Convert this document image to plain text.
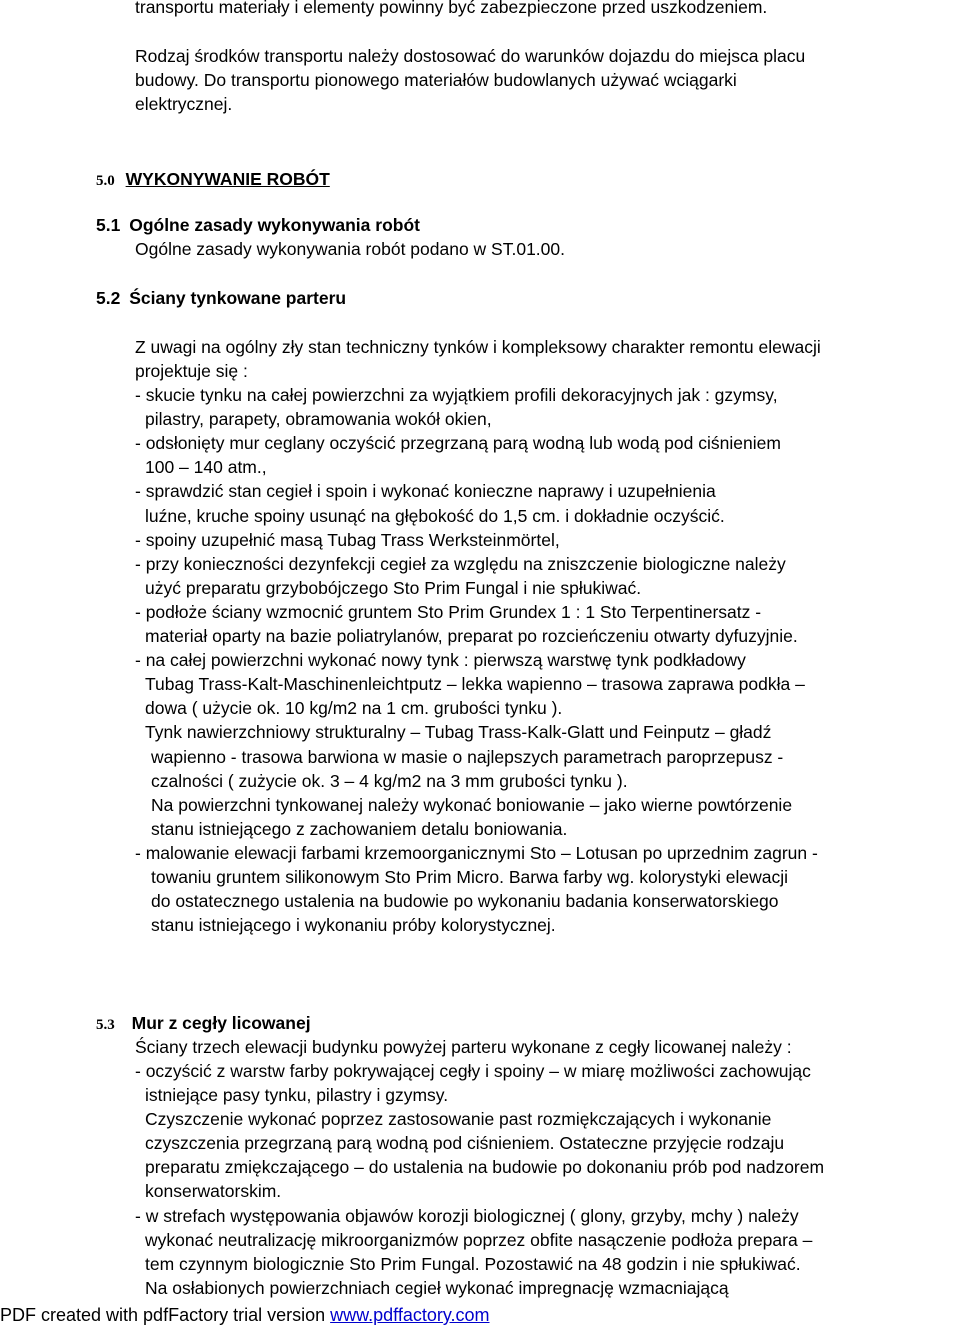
transportu materiały i elementy powinny być zabezpieczone przed uszkodzeniem.
Rodzaj środków transportu należy dostosować do warunków dojazdu do miejsca placu
budowy. Do transportu pionowego materiałów budowlanych używać wciągarki
elektrycznej.
5.0 WYKONYWANIE ROBÓT
5.1 Ogólne zasady wykonywania robót
Ogólne zasady wykonywania robót podano w ST.01.00.
5.2 Ściany tynkowane parteru
Z uwagi na ogólny zły stan techniczny tynków i kompleksowy charakter remontu elewacji
projektuje się :
- skucie tynku na całej powierzchni za wyjątkiem profili dekoracyjnych jak : gzymsy,
pilastry, parapety, obramowania wokół okien,
- odsłonięty mur ceglany oczyścić przegrzaną parą wodną lub wodą pod ciśnieniem
100 – 140 atm.,
- sprawdzić stan cegieł i spoin i wykonać konieczne naprawy i uzupełnienia
luźne, kruche spoiny usunąć na głębokość do 1,5 cm. i dokładnie oczyścić.
- spoiny uzupełnić masą Tubag Trass Werksteinmörtel,
- przy konieczności dezynfekcji cegieł za względu na zniszczenie biologiczne należy
użyć preparatu grzybobójczego Sto Prim Fungal i nie spłukiwać.
- podłoże ściany wzmocnić gruntem Sto Prim Grundex 1 : 1 Sto Terpentinersatz -
materiał oparty na bazie poliatrylanów, preparat po rozcieńczeniu otwarty dyfuzyjnie.
- na całej powierzchni wykonać nowy tynk : pierwszą warstwę tynk podkładowy
Tubag Trass-Kalt-Maschinenleichtputz – lekka wapienno – trasowa zaprawa podkła –
dowa ( użycie ok. 10 kg/m2 na 1 cm. grubości tynku ).
Tynk nawierzchniowy strukturalny – Tubag Trass-Kalk-Glatt und Feinputz – gładź
wapienno - trasowa barwiona w masie o najlepszych parametrach paroprzepusz -
czalności ( zużycie ok. 3 – 4 kg/m2 na 3 mm grubości tynku ).
Na powierzchni tynkowanej należy wykonać boniowanie – jako wierne powtórzenie
stanu istniejącego z zachowaniem detalu boniowania.
- malowanie elewacji farbami krzemoorganicznymi Sto – Lotusan po uprzednim zagrun -
towaniu gruntem silikonowym Sto Prim Micro. Barwa farby wg. kolorystyki elewacji
do ostatecznego ustalenia na budowie po wykonaniu badania konserwatorskiego
stanu istniejącego i wykonaniu próby kolorystycznej.
5.3 Mur z cegły licowanej
Ściany trzech elewacji budynku powyżej parteru wykonane z cegły licowanej należy :
- oczyścić z warstw farby pokrywającej cegły i spoiny – w miarę możliwości zachowując
istniejące pasy tynku, pilastry i gzymsy.
Czyszczenie wykonać poprzez zastosowanie past rozmiękczających i wykonanie
czyszczenia przegrzaną parą wodną pod ciśnieniem. Ostateczne przyjęcie rodzaju
preparatu zmiękczającego – do ustalenia na budowie po dokonaniu prób pod nadzorem
konserwatorskim.
- w strefach występowania objawów korozji biologicznej ( glony, grzyby, mchy ) należy
wykonać neutralizację mikroorganizmów poprzez obfite nasączenie podłoża prepara –
tem czynnym biologicznie Sto Prim Fungal. Pozostawić na 48 godzin i nie spłukiwać.
Na osłabionych powierzchniach cegieł wykonać impregnację wzmacniającą
PDF created with pdfFactory trial version www.pdffactory.com
